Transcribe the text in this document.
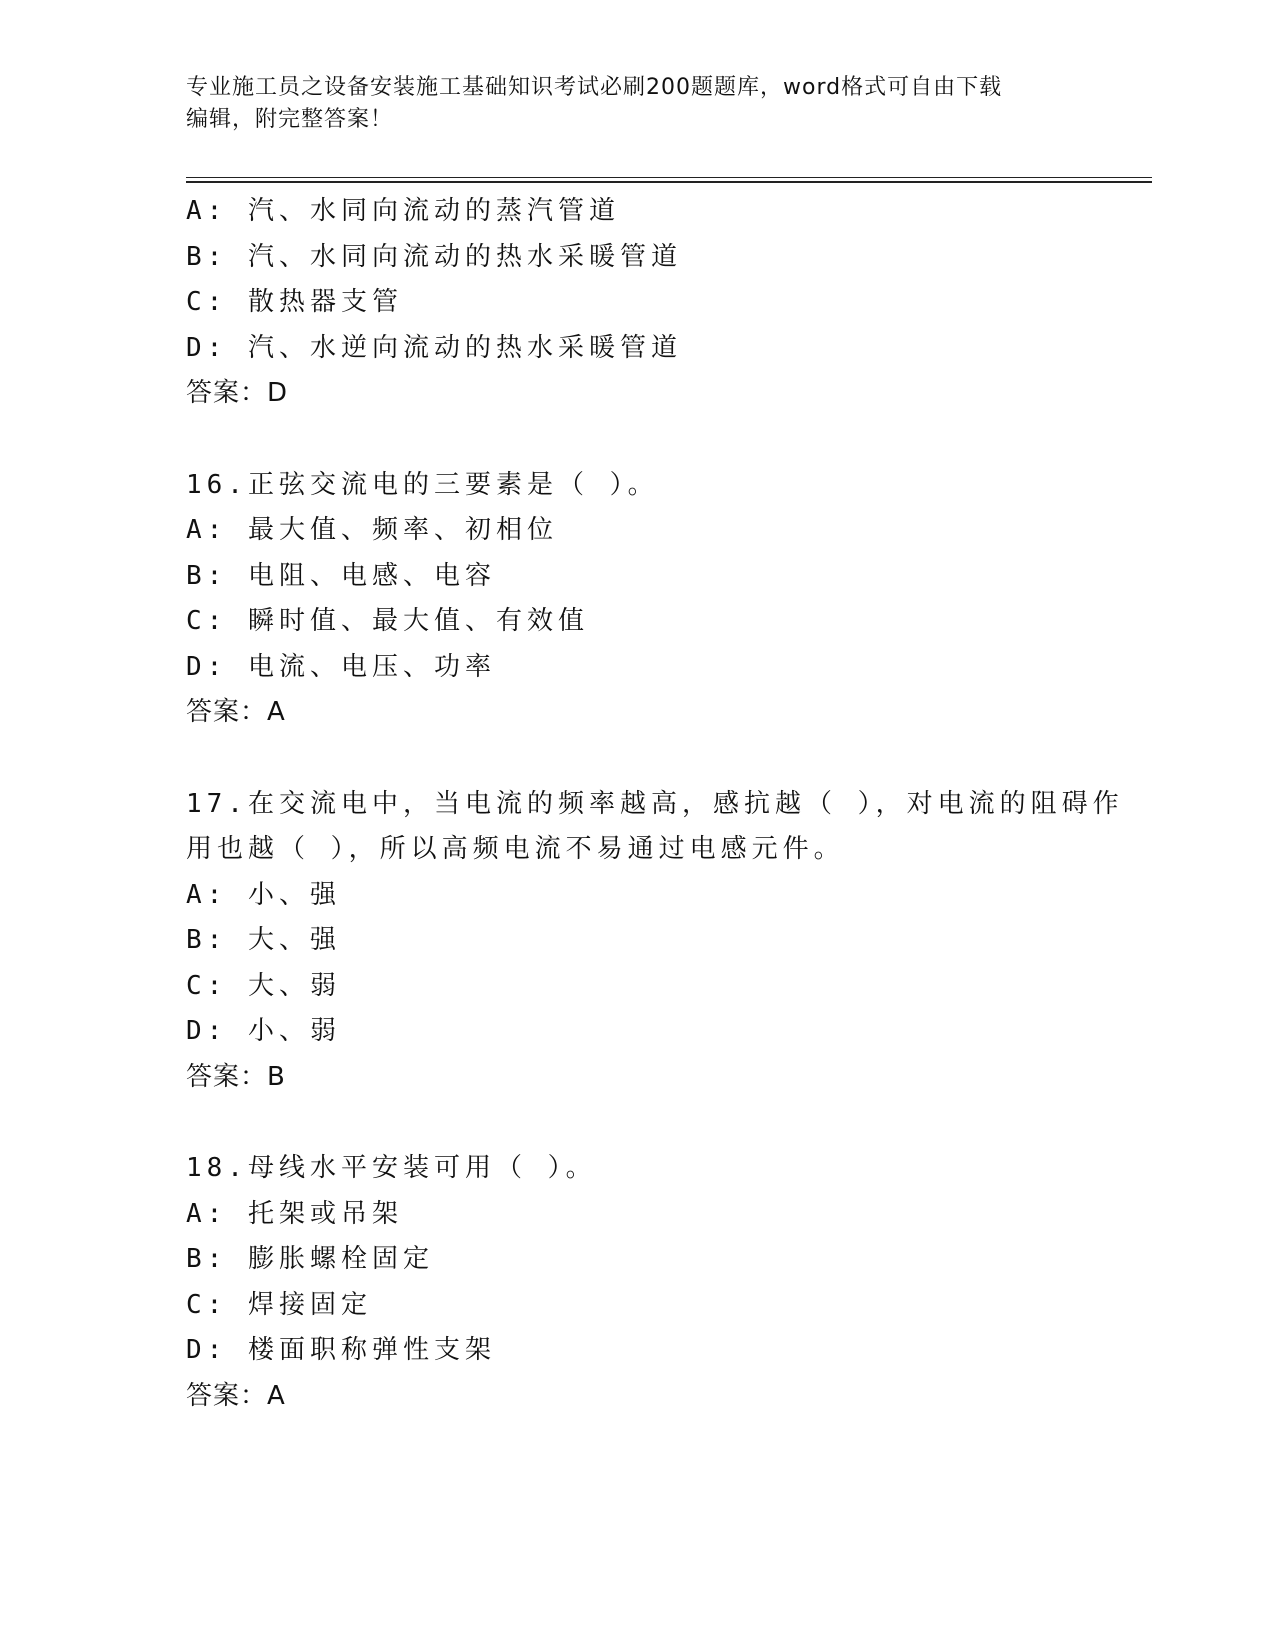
专业施工员之设备安装施工基础知识考试必刷200题题库，word格式可自由下载
编辑，附完整答案！
A: 汽、水同向流动的蒸汽管道
B: 汽、水同向流动的热水采暖管道
C: 散热器支管
D: 汽、水逆向流动的热水采暖管道
答案：D
16.正弦交流电的三要素是（ ）。
A: 最大值、频率、初相位
B: 电阻、电感、电容
C: 瞬时值、最大值、有效值
D: 电流、电压、功率
答案：A
17.在交流电中，当电流的频率越高，感抗越（ ），对电流的阻碍作
用也越（ ），所以高频电流不易通过电感元件。
A: 小、强
B: 大、强
C: 大、弱
D: 小、弱
答案：B
18.母线水平安装可用（ ）。
A: 托架或吊架
B: 膨胀螺栓固定
C: 焊接固定
D: 楼面职称弹性支架
答案：A
